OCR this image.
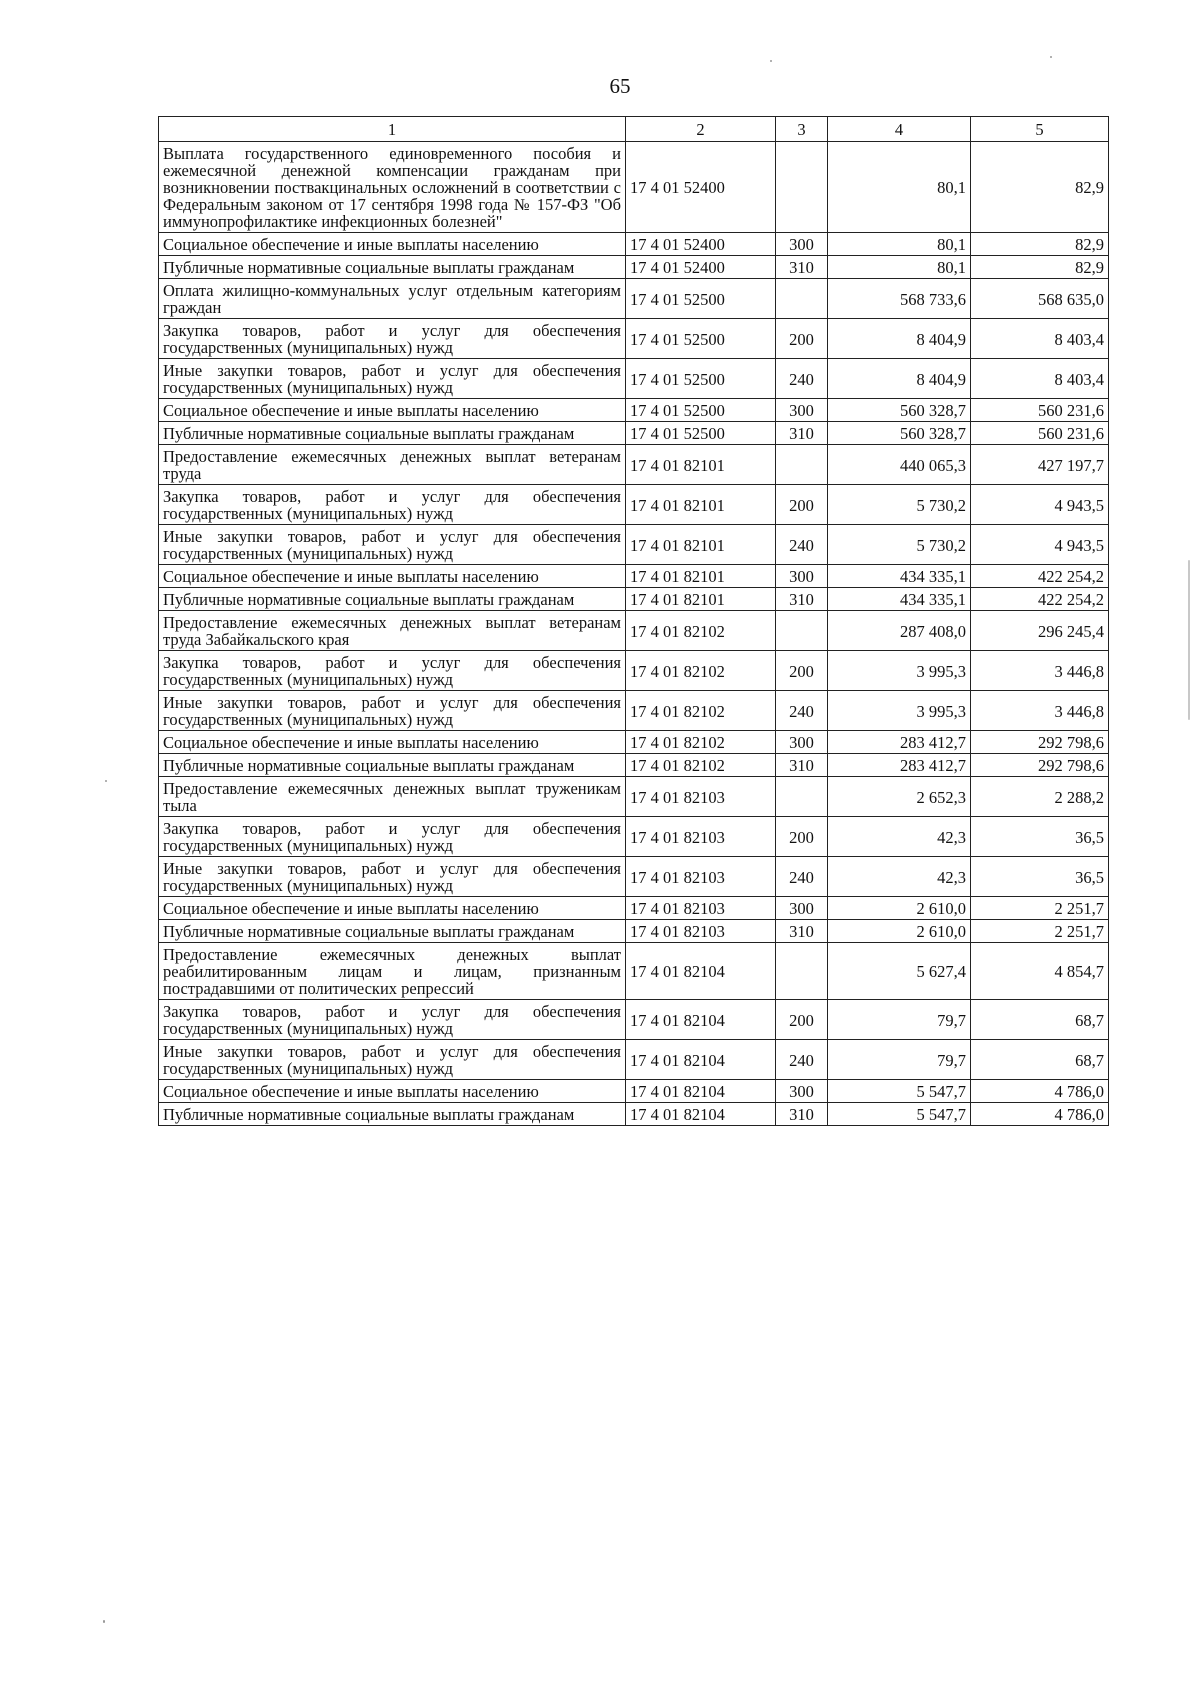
65
1	2	3	4	5
Выплата государственного единовременного пособия и ежемесячной денежной компенсации гражданам при возникновении поствакцинальных осложнений в соответствии с Федеральным законом от 17 сентября 1998 года № 157-ФЗ "Об иммунопрофилактике инфекционных болезней"	17 4 01 52400		80,1	82,9
Социальное обеспечение и иные выплаты населению	17 4 01 52400	300	80,1	82,9
Публичные нормативные социальные выплаты гражданам	17 4 01 52400	310	80,1	82,9
Оплата жилищно-коммунальных услуг отдельным категориям граждан	17 4 01 52500		568 733,6	568 635,0
Закупка товаров, работ и услуг для обеспечения государственных (муниципальных) нужд	17 4 01 52500	200	8 404,9	8 403,4
Иные закупки товаров, работ и услуг для обеспечения государственных (муниципальных) нужд	17 4 01 52500	240	8 404,9	8 403,4
Социальное обеспечение и иные выплаты населению	17 4 01 52500	300	560 328,7	560 231,6
Публичные нормативные социальные выплаты гражданам	17 4 01 52500	310	560 328,7	560 231,6
Предоставление ежемесячных денежных выплат ветеранам труда	17 4 01 82101		440 065,3	427 197,7
Закупка товаров, работ и услуг для обеспечения государственных (муниципальных) нужд	17 4 01 82101	200	5 730,2	4 943,5
Иные закупки товаров, работ и услуг для обеспечения государственных (муниципальных) нужд	17 4 01 82101	240	5 730,2	4 943,5
Социальное обеспечение и иные выплаты населению	17 4 01 82101	300	434 335,1	422 254,2
Публичные нормативные социальные выплаты гражданам	17 4 01 82101	310	434 335,1	422 254,2
Предоставление ежемесячных денежных выплат ветеранам труда Забайкальского края	17 4 01 82102		287 408,0	296 245,4
Закупка товаров, работ и услуг для обеспечения государственных (муниципальных) нужд	17 4 01 82102	200	3 995,3	3 446,8
Иные закупки товаров, работ и услуг для обеспечения государственных (муниципальных) нужд	17 4 01 82102	240	3 995,3	3 446,8
Социальное обеспечение и иные выплаты населению	17 4 01 82102	300	283 412,7	292 798,6
Публичные нормативные социальные выплаты гражданам	17 4 01 82102	310	283 412,7	292 798,6
Предоставление ежемесячных денежных выплат труженикам тыла	17 4 01 82103		2 652,3	2 288,2
Закупка товаров, работ и услуг для обеспечения государственных (муниципальных) нужд	17 4 01 82103	200	42,3	36,5
Иные закупки товаров, работ и услуг для обеспечения государственных (муниципальных) нужд	17 4 01 82103	240	42,3	36,5
Социальное обеспечение и иные выплаты населению	17 4 01 82103	300	2 610,0	2 251,7
Публичные нормативные социальные выплаты гражданам	17 4 01 82103	310	2 610,0	2 251,7
Предоставление ежемесячных денежных выплат реабилитированным лицам и лицам, признанным пострадавшими от политических репрессий	17 4 01 82104		5 627,4	4 854,7
Закупка товаров, работ и услуг для обеспечения государственных (муниципальных) нужд	17 4 01 82104	200	79,7	68,7
Иные закупки товаров, работ и услуг для обеспечения государственных (муниципальных) нужд	17 4 01 82104	240	79,7	68,7
Социальное обеспечение и иные выплаты населению	17 4 01 82104	300	5 547,7	4 786,0
Публичные нормативные социальные выплаты гражданам	17 4 01 82104	310	5 547,7	4 786,0
